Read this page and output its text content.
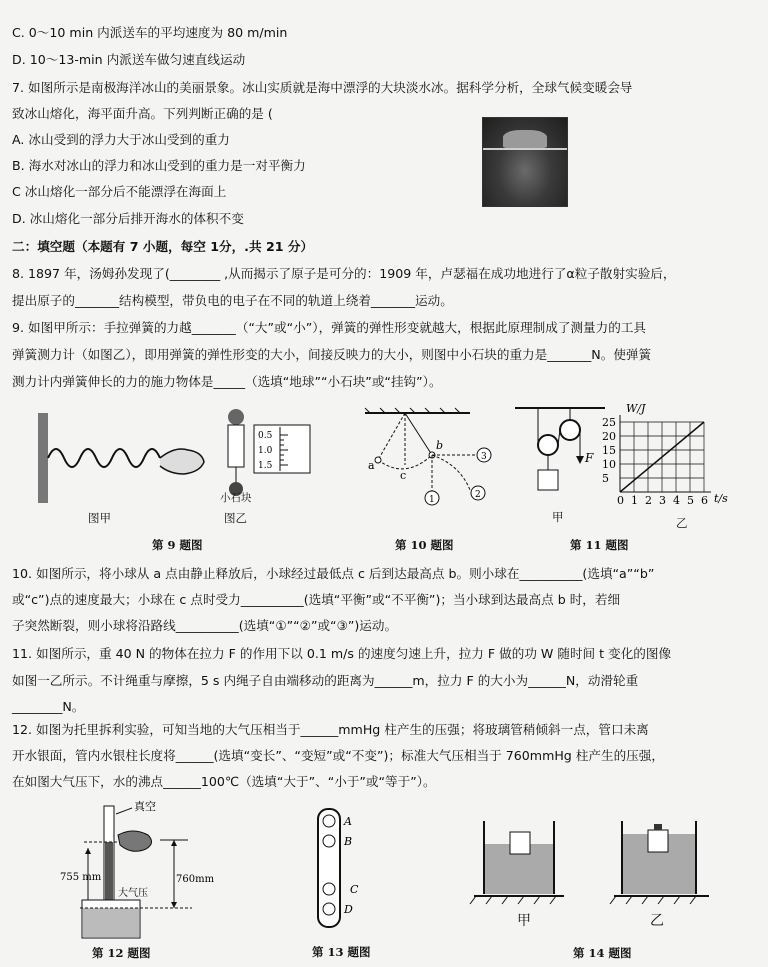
C. 0～10 min 内派送车的平均速度为 80 m/min
D. 10～13-min 内派送车做匀速直线运动
7. 如图所示是南极海洋冰山的美丽景象。冰山实质就是海中漂浮的大块淡水冰。据科学分析，全球气候变暖会导
致冰山熔化，海平面升高。下列判断正确的是 (
A. 冰山受到的浮力大于冰山受到的重力
B. 海水对冰山的浮力和冰山受到的重力是一对平衡力
C 冰山熔化一部分后不能漂浮在海面上
D. 冰山熔化一部分后排开海水的体积不变
二：填空题（本题有 7 小题，每空 1分，.共 21 分）
8. 1897 年，汤姆孙发现了(________ ,从而揭示了原子是可分的：1909 年，卢瑟福在成功地进行了α粒子散射实验后，
提出原子的_______结构模型，带负电的电子在不同的轨道上绕着_______运动。
9. 如图甲所示：手拉弹簧的力越_______（“大”或“小”），弹簧的弹性形变就越大，根据此原理制成了测量力的工具
弹簧测力计（如图乙），即用弹簧的弹性形变的大小，间接反映力的大小，则图中小石块的重力是_______N。使弹簧
测力计内弹簧伸长的力的施力物体是_____（选填“地球”“小石块”或“挂钩”）。
图甲
0.5
1.0
1.5
小石块
图乙
a
b
c
1	2
3	F
甲
W/J
25
20
15
10
5
0 1 2 3 4 5 6 t/s
乙
第 9 题图	第 10 题图	第 11 题图
10. 如图所示，将小球从 a 点由静止释放后，小球经过最低点 c 后到达最高点 b。则小球在__________(选填“a”“b”
或“c”)点的速度最大；小球在 c 点时受力__________(选填“平衡”或“不平衡”)；当小球到达最高点 b 时，若细
子突然断裂，则小球将沿路线__________(选填“①”“②”或“③”)运动。
11. 如图所示，重 40 N 的物体在拉力 F 的作用下以 0.1 m/s 的速度匀速上升，拉力 F 做的功 W 随时间 t 变化的图像
如图一乙所示。不计绳重与摩擦，5 s 内绳子自由端移动的距离为______m，拉力 F 的大小为______N，动滑轮重
________N。
12. 如图为托里拆利实验，可知当地的大气压相当于______mmHg 柱产生的压强；将玻璃管稍倾斜一点，管口未离
开水银面，管内水银柱长度将______(选填“变长”、“变短”或“不变”)；标准大气压相当于 760mmHg 柱产生的压强，
在如图大气压下，水的沸点______100℃（选填“大于”、“小于”或“等于”）。
真空
755 mm	760mm
大气压
A
B
C
D
甲	乙
第 12 题图	第 13 题图	第 14 题图
